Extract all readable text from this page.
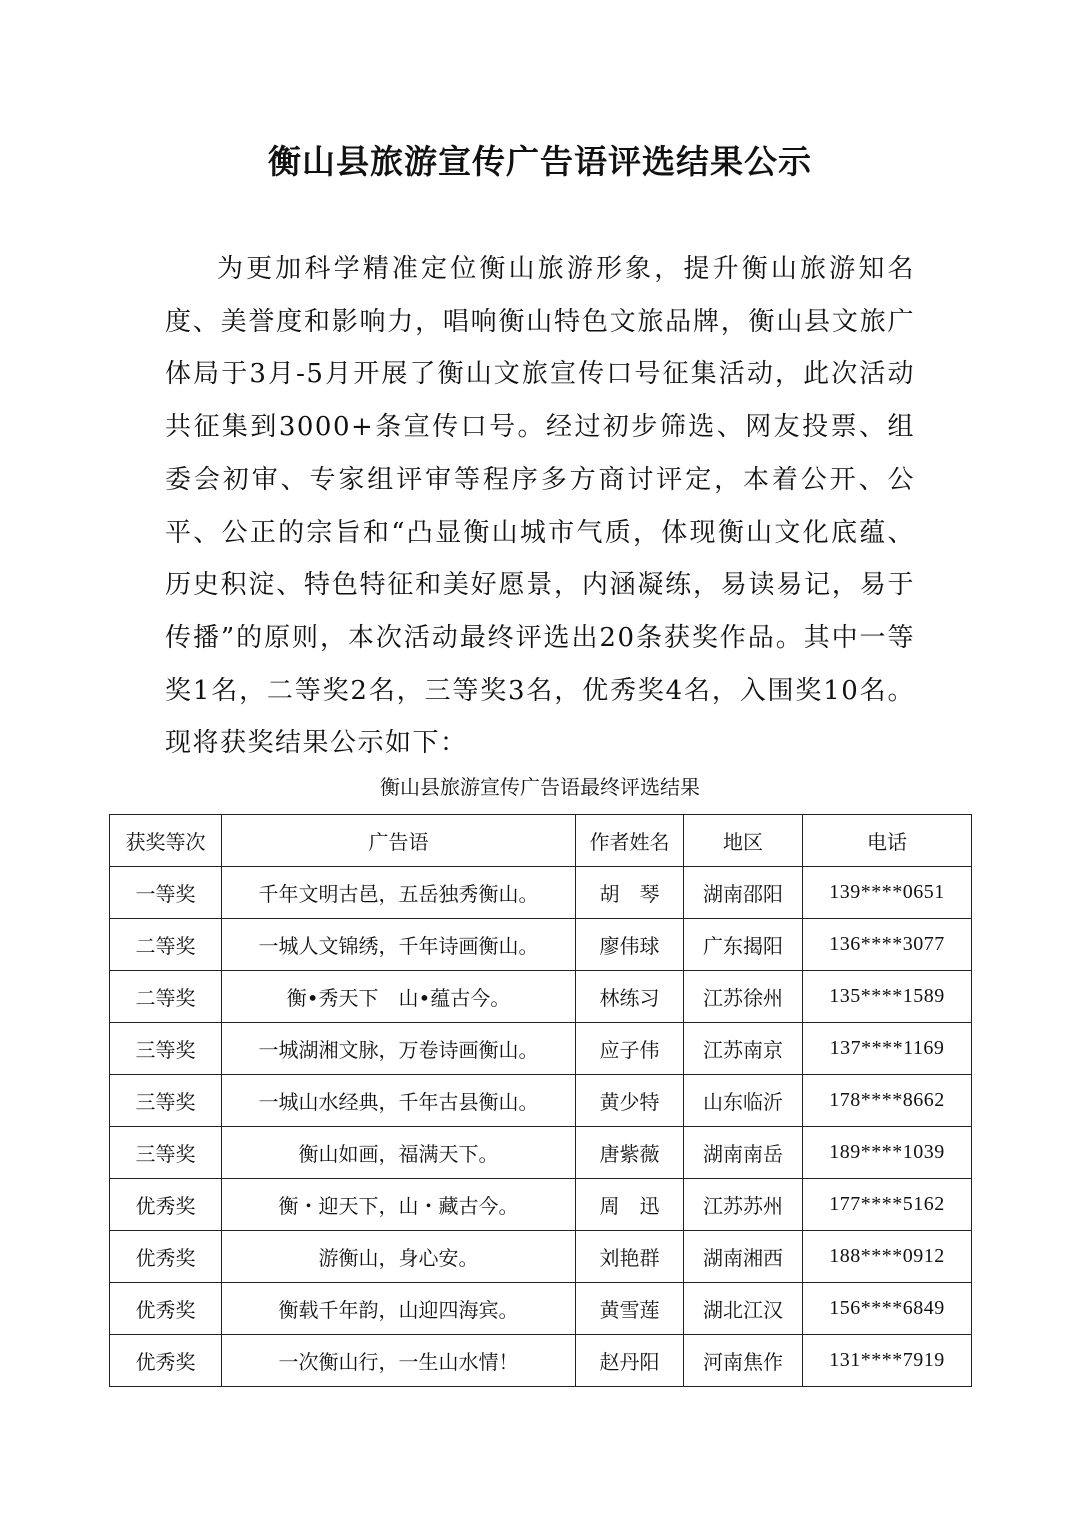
衡山县旅游宣传广告语评选结果公示

为更加科学精准定位衡山旅游形象，提升衡山旅游知名度、美誉度和影响力，唱响衡山特色文旅品牌，衡山县文旅广体局于3月-5月开展了衡山文旅宣传口号征集活动，此次活动共征集到3000+条宣传口号。经过初步筛选、网友投票、组委会初审、专家组评审等程序多方商讨评定，本着公开、公平、公正的宗旨和“凸显衡山城市气质，体现衡山文化底蕴、历史积淀、特色特征和美好愿景，内涵凝练，易读易记，易于传播”的原则，本次活动最终评选出20条获奖作品。其中一等奖1名，二等奖2名，三等奖3名，优秀奖4名，入围奖10名。现将获奖结果公示如下：

衡山县旅游宣传广告语最终评选结果
获奖等次	广告语	作者姓名	地区	电话
一等奖	千年文明古邑，五岳独秀衡山。	胡　琴	湖南邵阳	139****0651
二等奖	一城人文锦绣，千年诗画衡山。	廖伟球	广东揭阳	136****3077
二等奖	衡•秀天下　山•蕴古今。	林练习	江苏徐州	135****1589
三等奖	一城湖湘文脉，万卷诗画衡山。	应子伟	江苏南京	137****1169
三等奖	一城山水经典，千年古县衡山。	黄少特	山东临沂	178****8662
三等奖	衡山如画，福满天下。	唐紫薇	湖南南岳	189****1039
优秀奖	衡・迎天下，山・藏古今。	周　迅	江苏苏州	177****5162
优秀奖	游衡山，身心安。	刘艳群	湖南湘西	188****0912
优秀奖	衡载千年韵，山迎四海宾。	黄雪莲	湖北江汉	156****6849
优秀奖	一次衡山行，一生山水情！	赵丹阳	河南焦作	131****7919
